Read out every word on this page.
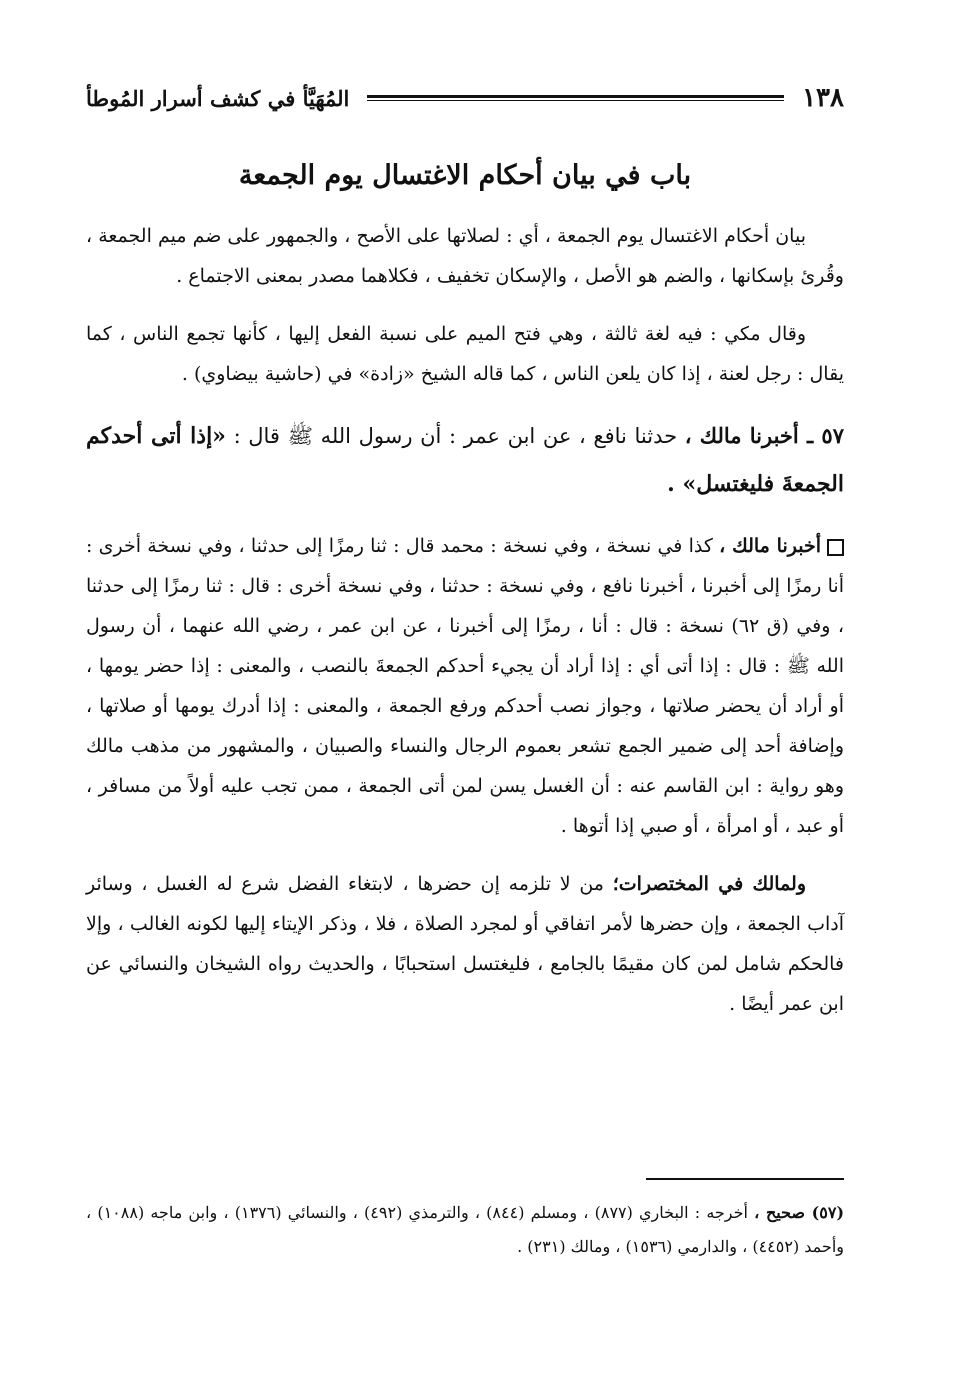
١٣٨
المُهَيَّأ في كشف أسرار المُوطأ
باب في بيان أحكام الاغتسال يوم الجمعة

بيان أحكام الاغتسال يوم الجمعة ، أي : لصلاتها على الأصح ، والجمهور على ضم ميم الجمعة ، وقُرئ بإسكانها ، والضم هو الأصل ، والإسكان تخفيف ، فكلاهما مصدر بمعنى الاجتماع .

وقال مكي : فيه لغة ثالثة ، وهي فتح الميم على نسبة الفعل إليها ، كأنها تجمع الناس ، كما يقال : رجل لعنة ، إذا كان يلعن الناس ، كما قاله الشيخ «زادة» في (حاشية بيضاوي) .

٥٧ ـ أخبرنا مالك ، حدثنا نافع ، عن ابن عمر : أن رسول الله ﷺ قال : «إذا أتى أحدكم الجمعةَ فليغتسل» .

أخبرنا مالك ، كذا في نسخة ، وفي نسخة : محمد قال : ثنا رمزًا إلى حدثنا ، وفي نسخة أخرى : أنا رمزًا إلى أخبرنا ، أخبرنا نافع ، وفي نسخة : حدثنا ، وفي نسخة أخرى : قال : ثنا رمزًا إلى حدثنا ، وفي (ق ٦٢) نسخة : قال : أنا ، رمزًا إلى أخبرنا ، عن ابن عمر ، رضي الله عنهما ، أن رسول الله ﷺ : قال : إذا أتى أي : إذا أراد أن يجيء أحدكم الجمعةَ بالنصب ، والمعنى : إذا حضر يومها ، أو أراد أن يحضر صلاتها ، وجواز نصب أحدكم ورفع الجمعة ، والمعنى : إذا أدرك يومها أو صلاتها ، وإضافة أحد إلى ضمير الجمع تشعر بعموم الرجال والنساء والصبيان ، والمشهور من مذهب مالك وهو رواية : ابن القاسم عنه : أن الغسل يسن لمن أتى الجمعة ، ممن تجب عليه أولاً من مسافر ، أو عبد ، أو امرأة ، أو صبي إذا أتوها .

ولمالك في المختصرات؛ من لا تلزمه إن حضرها ، لابتغاء الفضل شرع له الغسل ، وسائر آداب الجمعة ، وإن حضرها لأمر اتفاقي أو لمجرد الصلاة ، فلا ، وذكر الإيتاء إليها لكونه الغالب ، وإلا فالحكم شامل لمن كان مقيمًا بالجامع ، فليغتسل استحبابًا ، والحديث رواه الشيخان والنسائي عن ابن عمر أيضًا .

(٥٧) صحيح ، أخرجه : البخاري (٨٧٧) ، ومسلم (٨٤٤) ، والترمذي (٤٩٢) ، والنسائي (١٣٧٦) ، وابن ماجه (١٠٨٨) ، وأحمد (٤٤٥٢) ، والدارمي (١٥٣٦) ، ومالك (٢٣١) .
